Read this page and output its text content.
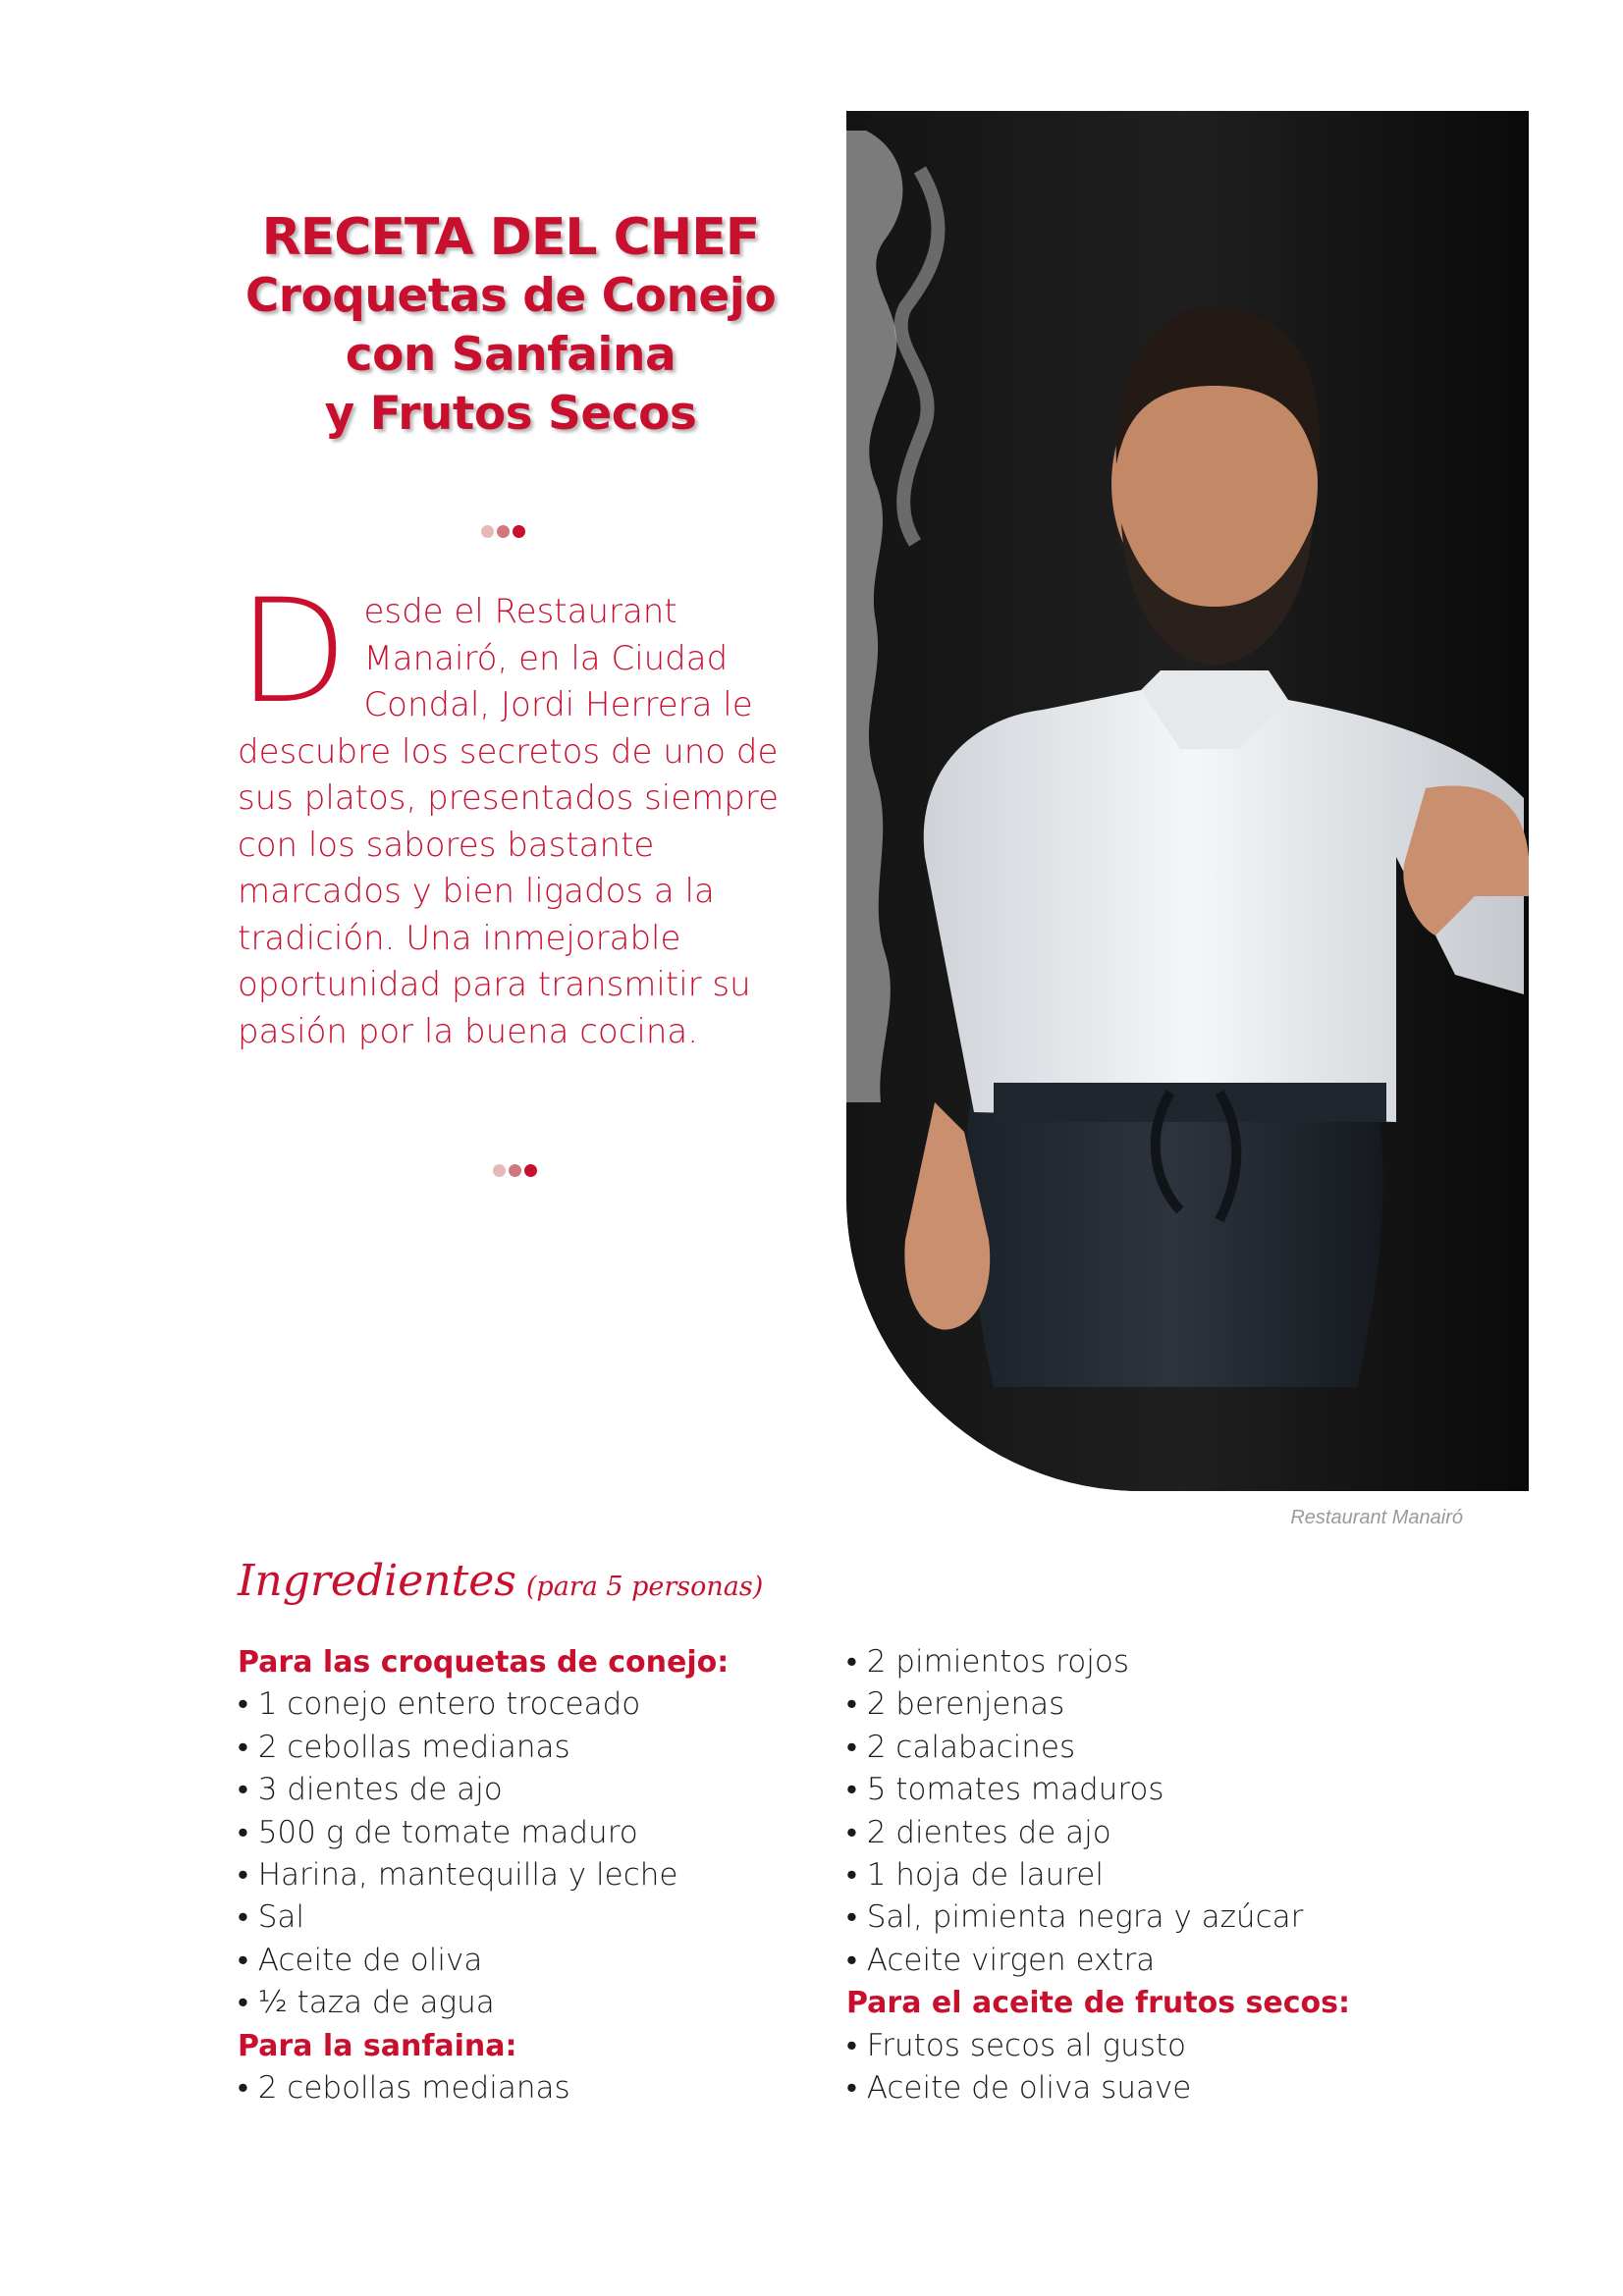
RECETA DEL CHEF
Croquetas de Conejo
con Sanfaina
y Frutos Secos
Desde el Restaurant Manairó, en la Ciudad Condal, Jordi Herrera le descubre los secretos de uno de sus platos, presentados siempre con los sabores bastante marcados y bien ligados a la tradición. Una inmejorable oportunidad para transmitir su pasión por la buena cocina.
Restaurant Manairó
Ingredientes (para 5 personas)
Para las croquetas de conejo:
• 1 conejo entero troceado
• 2 cebollas medianas
• 3 dientes de ajo
• 500 g de tomate maduro
• Harina, mantequilla y leche
• Sal
• Aceite de oliva
• ½ taza de agua
Para la sanfaina:
• 2 cebollas medianas
• 2 pimientos rojos
• 2 berenjenas
• 2 calabacines
• 5 tomates maduros
• 2 dientes de ajo
• 1 hoja de laurel
• Sal, pimienta negra y azúcar
• Aceite virgen extra
Para el aceite de frutos secos:
• Frutos secos al gusto
• Aceite de oliva suave
